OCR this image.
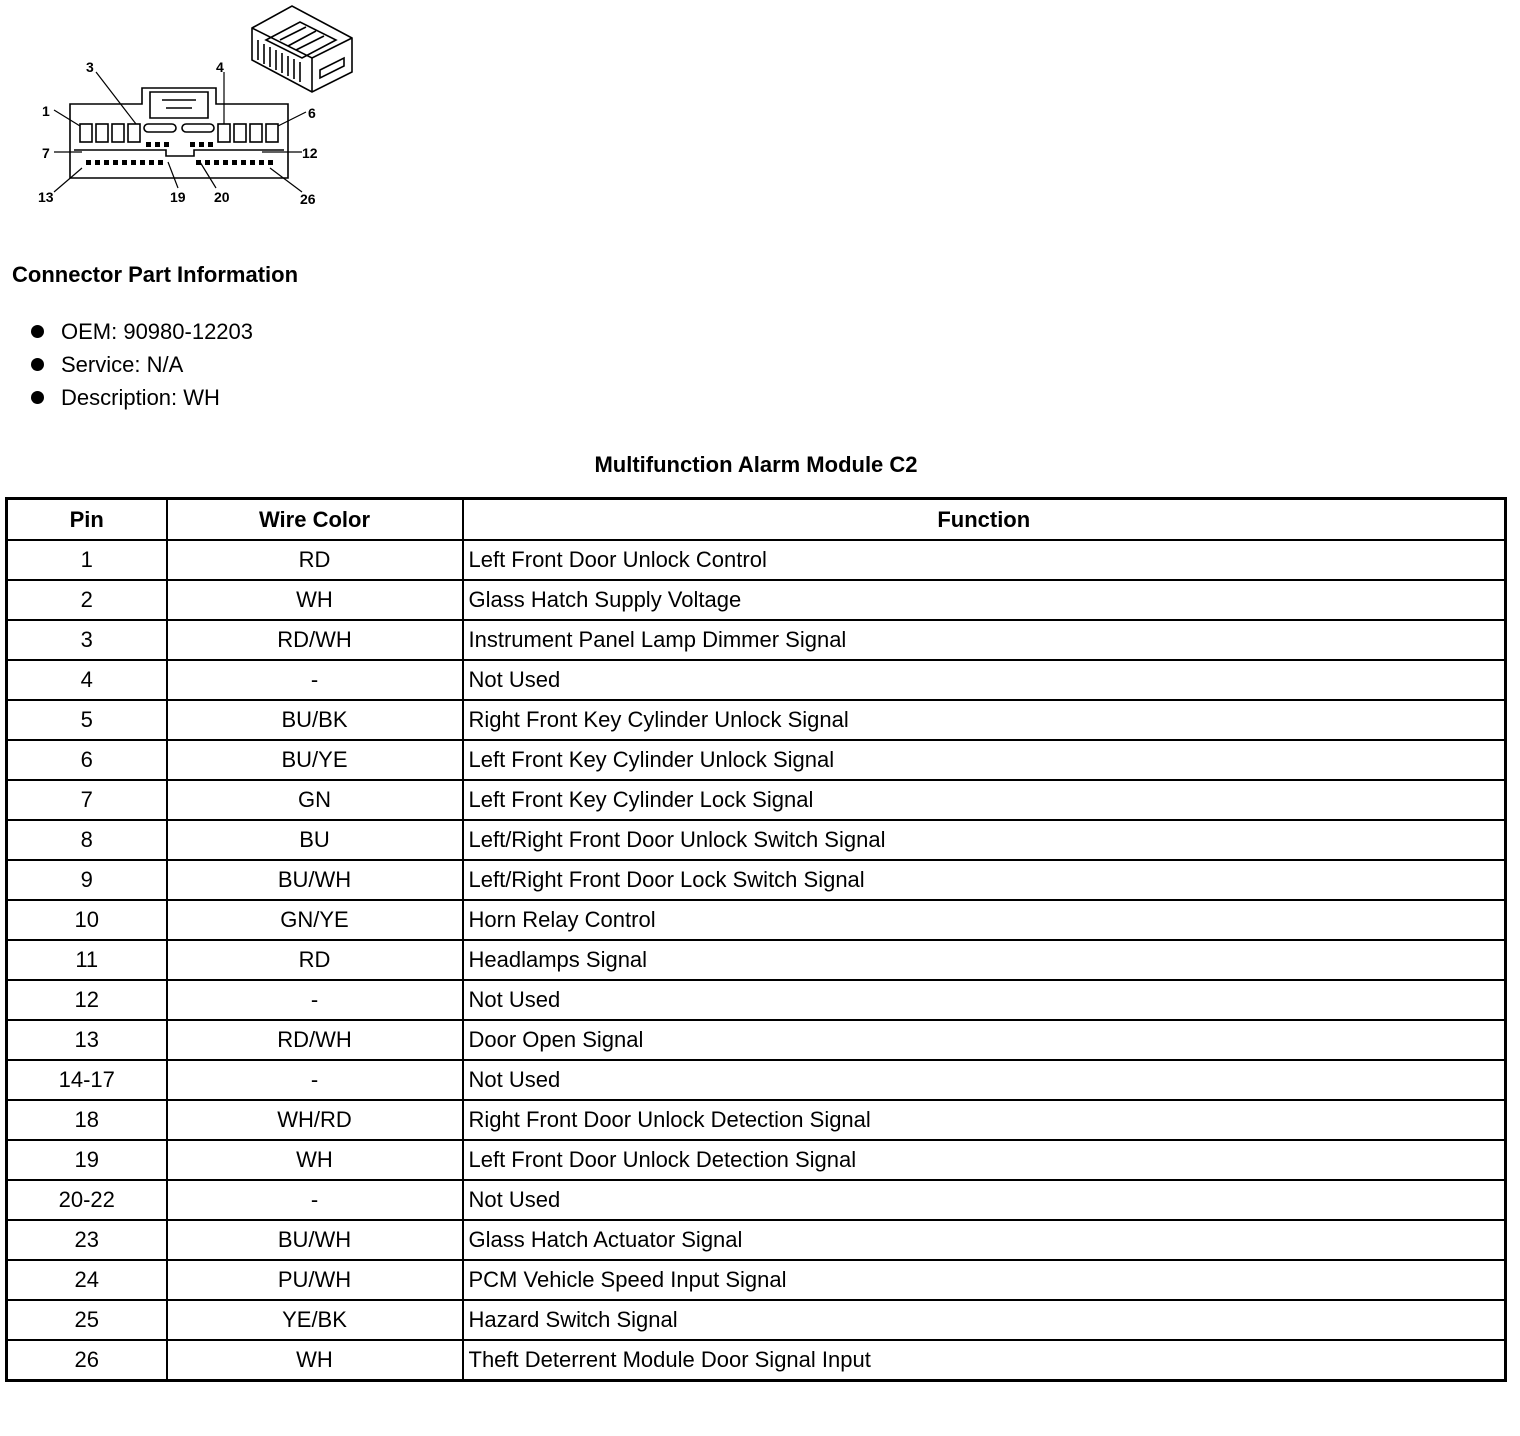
1
3	4
6
7	12
13	19 20	26
Connector Part Information
OEM: 90980-12203
Service: N/A
Description: WH
Multifunction Alarm Module C2
Pin	Wire Color	Function
1	RD	Left Front Door Unlock Control
2	WH	Glass Hatch Supply Voltage
3	RD/WH	Instrument Panel Lamp Dimmer Signal
4	-	Not Used
5	BU/BK	Right Front Key Cylinder Unlock Signal
6	BU/YE	Left Front Key Cylinder Unlock Signal
7	GN	Left Front Key Cylinder Lock Signal
8	BU	Left/Right Front Door Unlock Switch Signal
9	BU/WH	Left/Right Front Door Lock Switch Signal
10	GN/YE	Horn Relay Control
11	RD	Headlamps Signal
12	-	Not Used
13	RD/WH	Door Open Signal
14-17	-	Not Used
18	WH/RD	Right Front Door Unlock Detection Signal
19	WH	Left Front Door Unlock Detection Signal
20-22	-	Not Used
23	BU/WH	Glass Hatch Actuator Signal
24	PU/WH	PCM Vehicle Speed Input Signal
25	YE/BK	Hazard Switch Signal
26	WH	Theft Deterrent Module Door Signal Input
